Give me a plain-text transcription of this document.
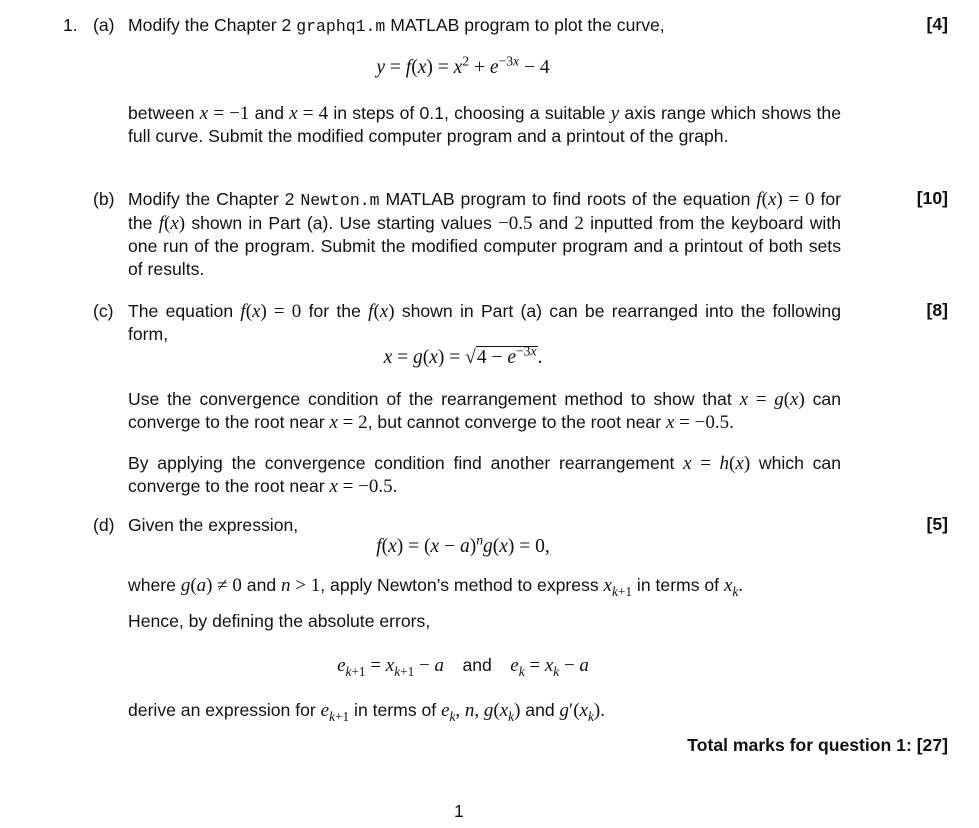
1. (a)	[4]
Modify the Chapter 2 graphq1.m MATLAB program to plot the curve,
$y = f(x) = x^2 + e^{-3x} - 4$
between x = −1 and x = 4 in steps of 0.1, choosing a suitable y axis range which shows the full curve. Submit the modified computer program and a printout of the graph.
(b)	[10]
Modify the Chapter 2 Newton.m MATLAB program to find roots of the equation f(x) = 0 for the f(x) shown in Part (a). Use starting values −0.5 and 2 inputted from the keyboard with one run of the program. Submit the modified computer program and a printout of both sets of results.
(c)	[8]
The equation f(x) = 0 for the f(x) shown in Part (a) can be rearranged into the following form,
$x = g(x) = √4 - e^{-3x}$.
Use the convergence condition of the rearrangement method to show that x = g(x) can converge to the root near x = 2, but cannot converge to the root near x = −0.5.
By applying the convergence condition find another rearrangement x = h(x) which can converge to the root near x = −0.5.
(d)	[5]
Given the expression,
$f(x) = (x - a)^ng(x) = 0$,
where g(a) ≠ 0 and n > 1, apply Newton’s method to express $x_{k+1}$ in terms of $x_k$.
Hence, by defining the absolute errors,
$e_{k+1} = x_{k+1} - a$ and $e_k = x_k - a$
derive an expression for $e_{k+1}$ in terms of $e_k$, n, $g(x_k)$ and $g'(x_k)$.
Total marks for question 1: [27]
1
